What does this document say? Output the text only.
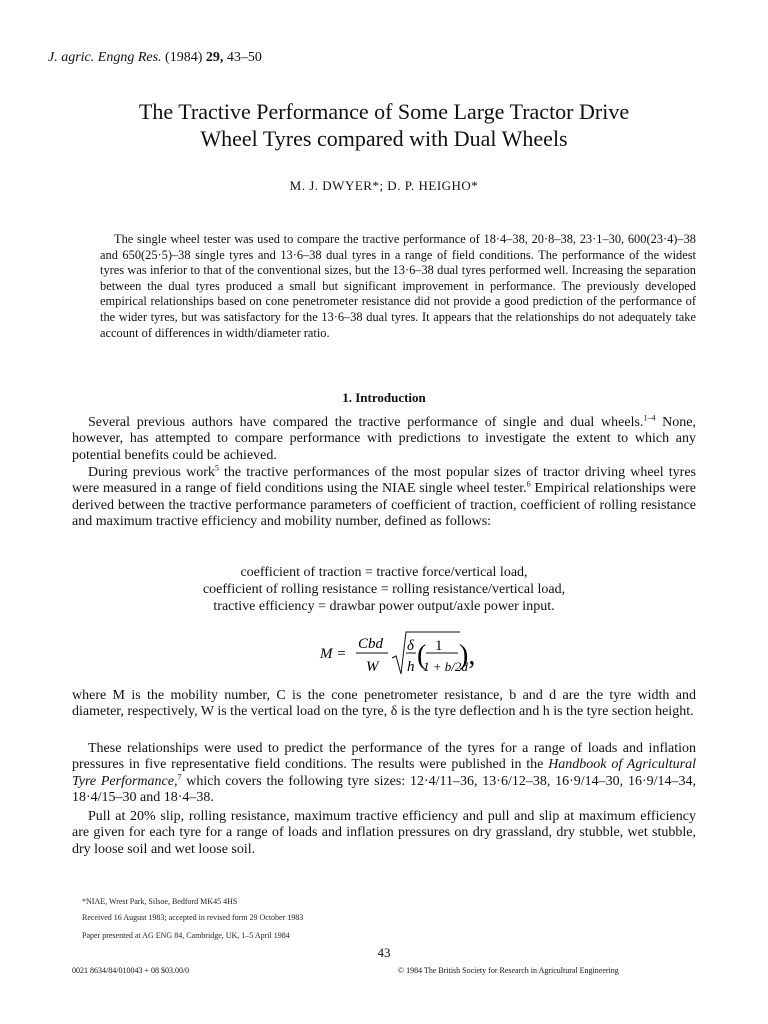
J. agric. Engng Res. (1984) 29, 43–50
The Tractive Performance of Some Large Tractor Drive
Wheel Tyres compared with Dual Wheels
M. J. DWYER*; D. P. HEIGHO*

The single wheel tester was used to compare the tractive performance of 18·4–38, 20·8–38, 23·1–30, 600(23·4)–38 and 650(25·5)–38 single tyres and 13·6–38 dual tyres in a range of field conditions. The performance of the widest tyres was inferior to that of the conventional sizes, but the 13·6–38 dual tyres performed well. Increasing the separation between the dual tyres produced a small but significant improvement in performance. The previously developed empirical relationships based on cone penetrometer resistance did not provide a good prediction of the performance of the wider tyres, but was satisfactory for the 13·6–38 dual tyres. It appears that the relationships do not adequately take account of differences in width/diameter ratio.

1. Introduction

Several previous authors have compared the tractive performance of single and dual wheels.$^{1-4}$ None, however, has attempted to compare performance with predictions to investigate the extent to which any potential benefits could be achieved.

During previous work$^5$ the tractive performances of the most popular sizes of tractor driving wheel tyres were measured in a range of field conditions using the NIAE single wheel tester.$^6$ Empirical relationships were derived between the tractive performance parameters of coefficient of traction, coefficient of rolling resistance and maximum tractive efficiency and mobility number, defined as follows:

coefficient of traction = tractive force/vertical load,
coefficient of rolling resistance = rolling resistance/vertical load,
tractive efficiency = drawbar power output/axle power input.
M =
Cbd
W
δ
h ( 1
1 + b/2d
),

where M is the mobility number, C is the cone penetrometer resistance, b and d are the tyre width and diameter, respectively, W is the vertical load on the tyre, δ is the tyre deflection and h is the tyre section height.

These relationships were used to predict the performance of the tyres for a range of loads and inflation pressures in five representative field conditions. The results were published in the Handbook of Agricultural Tyre Performance,$^7$ which covers the following tyre sizes: 12·4/11–36, 13·6/12–38, 16·9/14–30, 16·9/14–34, 18·4/15–30 and 18·4–38.

Pull at 20% slip, rolling resistance, maximum tractive efficiency and pull and slip at maximum efficiency are given for each tyre for a range of loads and inflation pressures on dry grassland, dry stubble, wet stubble, dry loose soil and wet loose soil.

*NIAE, Wrest Park, Silsoe, Bedford MK45 4HS
Received 16 August 1983; accepted in revised form 29 October 1983
Paper presented at AG ENG 84, Cambridge, UK, 1–5 April 1984
43
0021 8634/84/010043 + 08 $03.00/0	© 1984 The British Society for Research in Agricultural Engineering
